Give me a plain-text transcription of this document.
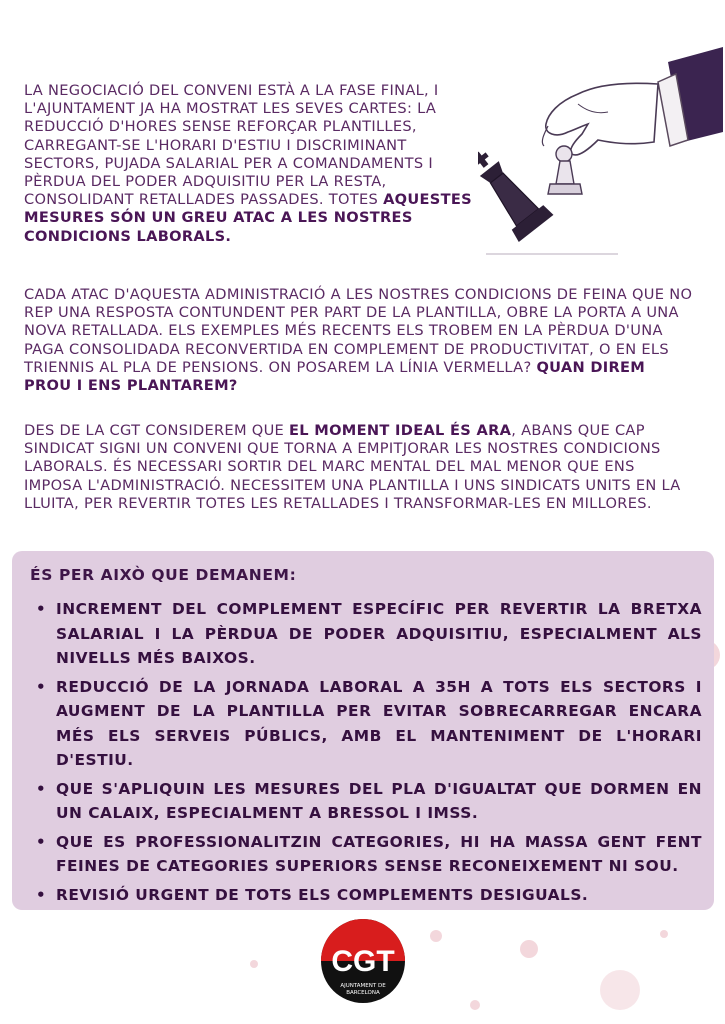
LA NEGOCIACIÓ DEL CONVENI ESTÀ A LA FASE FINAL, I L'AJUNTAMENT JA HA MOSTRAT LES SEVES CARTES: LA REDUCCIÓ D'HORES SENSE REFORÇAR PLANTILLES, CARREGANT-SE L'HORARI D'ESTIU I DISCRIMINANT SECTORS, PUJADA SALARIAL PER A COMANDAMENTS I PÈRDUA DEL PODER ADQUISITIU PER LA RESTA, CONSOLIDANT RETALLADES PASSADES. TOTES AQUESTES MESURES SÓN UN GREU ATAC A LES NOSTRES CONDICIONS LABORALS.

CADA ATAC D'AQUESTA ADMINISTRACIÓ A LES NOSTRES CONDICIONS DE FEINA QUE NO REP UNA RESPOSTA CONTUNDENT PER PART DE LA PLANTILLA, OBRE LA PORTA A UNA NOVA RETALLADA. ELS EXEMPLES MÉS RECENTS ELS TROBEM EN LA PÈRDUA D'UNA PAGA CONSOLIDADA RECONVERTIDA EN COMPLEMENT DE PRODUCTIVITAT, O EN ELS TRIENNIS AL PLA DE PENSIONS. ON POSAREM LA LÍNIA VERMELLA? QUAN DIREM PROU I ENS PLANTAREM?

DES DE LA CGT CONSIDEREM QUE EL MOMENT IDEAL ÉS ARA, ABANS QUE CAP SINDICAT SIGNI UN CONVENI QUE TORNA A EMPITJORAR LES NOSTRES CONDICIONS LABORALS. ÉS NECESSARI SORTIR DEL MARC MENTAL DEL MAL MENOR QUE ENS IMPOSA L'ADMINISTRACIÓ. NECESSITEM UNA PLANTILLA I UNS SINDICATS UNITS EN LA LLUITA, PER REVERTIR TOTES LES RETALLADES I TRANSFORMAR-LES EN MILLORES.

ÉS PER AIXÒ QUE DEMANEM:
• INCREMENT DEL COMPLEMENT ESPECÍFIC PER REVERTIR LA BRETXA SALARIAL I LA PÈRDUA DE PODER ADQUISITIU, ESPECIALMENT ALS NIVELLS MÉS BAIXOS.
• REDUCCIÓ DE LA JORNADA LABORAL A 35H A TOTS ELS SECTORS I AUGMENT DE LA PLANTILLA PER EVITAR SOBRECARREGAR ENCARA MÉS ELS SERVEIS PÚBLICS, AMB EL MANTENIMENT DE L'HORARI D'ESTIU.
• QUE S'APLIQUIN LES MESURES DEL PLA D'IGUALTAT QUE DORMEN EN UN CALAIX, ESPECIALMENT A BRESSOL I IMSS.
• QUE ES PROFESSIONALITZIN CATEGORIES, HI HA MASSA GENT FENT FEINES DE CATEGORIES SUPERIORS SENSE RECONEIXEMENT NI SOU.
• REVISIÓ URGENT DE TOTS ELS COMPLEMENTS DESIGUALS.
CGT
AJUNTAMENT DE
BARCELONA
